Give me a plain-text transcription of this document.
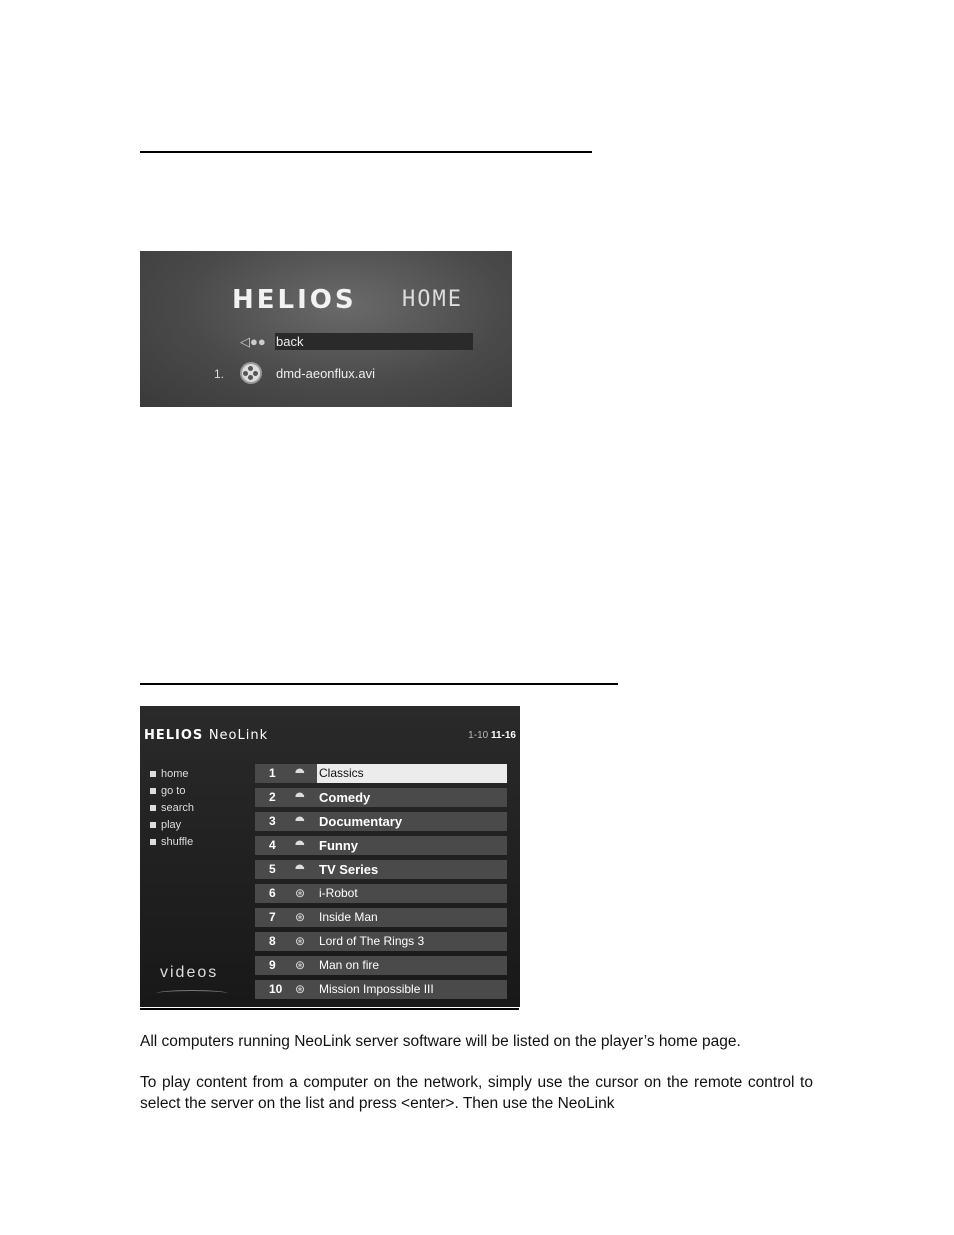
HELIOS HOME
◁●● back
1.	dmd-aeonflux.avi
HELIOS NeoLink	1-10 11-16
home
go to
search
play
shuffle
videos
1 ⯊ Classics
2 ⯊ Comedy
3 ⯊ Documentary
4 ⯊ Funny
5 ⯊ TV Series
6 ⊛ i-Robot
7 ⊛ Inside Man
8 ⊛ Lord of The Rings 3
9 ⊛ Man on fire
10 ⊛ Mission Impossible III
All computers running NeoLink server software will be listed on the player’s home page.
To play content from a computer on the network, simply use the cursor on the remote control to select the server on the list and press <enter>. Then use the NeoLink
